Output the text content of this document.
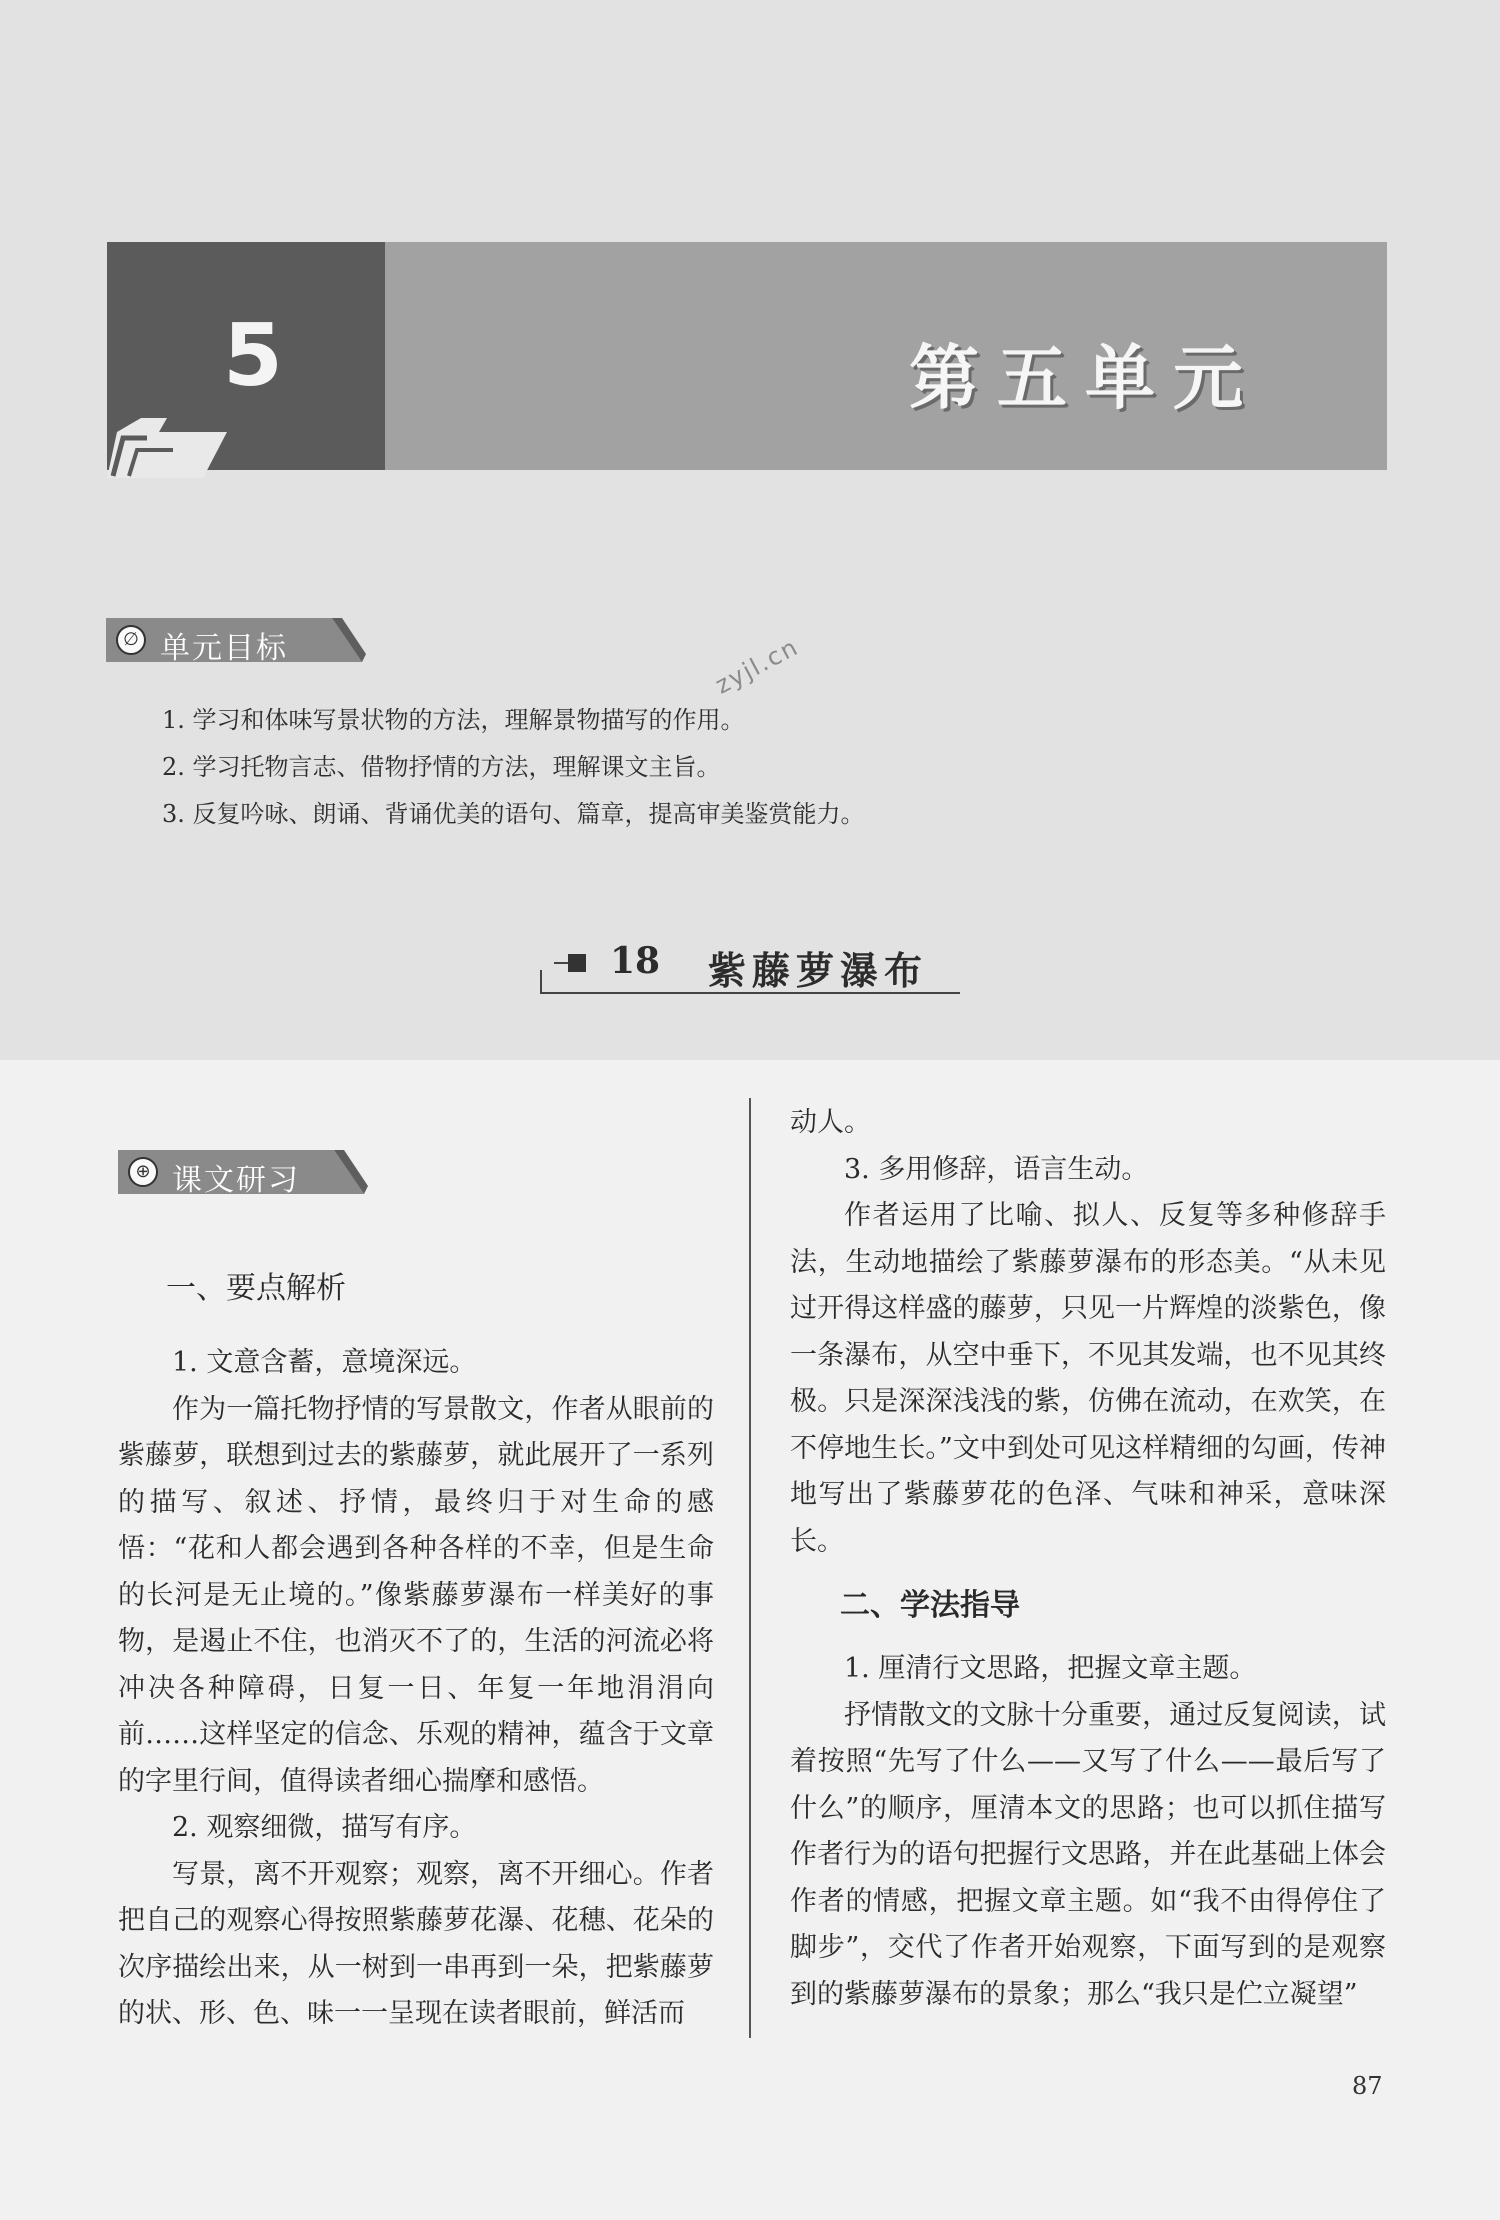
5	第五单元
∅ 单元目标	zyjl.cn

1. 学习和体味写景状物的方法，理解景物描写的作用。

2. 学习托物言志、借物抒情的方法，理解课文主旨。

3. 反复吟咏、朗诵、背诵优美的语句、篇章，提高审美鉴赏能力。

18 紫藤萝瀑布
⊕ 课文研习
一、要点解析

1. 文意含蓄，意境深远。

作为一篇托物抒情的写景散文，作者从眼前的紫藤萝，联想到过去的紫藤萝，就此展开了一系列的描写、叙述、抒情，最终归于对生命的感悟：“花和人都会遇到各种各样的不幸，但是生命的长河是无止境的。”像紫藤萝瀑布一样美好的事物，是遏止不住，也消灭不了的，生活的河流必将冲决各种障碍，日复一日、年复一年地涓涓向前……这样坚定的信念、乐观的精神，蕴含于文章的字里行间，值得读者细心揣摩和感悟。

2. 观察细微，描写有序。

写景，离不开观察；观察，离不开细心。作者把自己的观察心得按照紫藤萝花瀑、花穗、花朵的次序描绘出来，从一树到一串再到一朵，把紫藤萝的状、形、色、味一一呈现在读者眼前，鲜活而

动人。

3. 多用修辞，语言生动。

作者运用了比喻、拟人、反复等多种修辞手法，生动地描绘了紫藤萝瀑布的形态美。“从未见过开得这样盛的藤萝，只见一片辉煌的淡紫色，像一条瀑布，从空中垂下，不见其发端，也不见其终极。只是深深浅浅的紫，仿佛在流动，在欢笑，在不停地生长。”文中到处可见这样精细的勾画，传神地写出了紫藤萝花的色泽、气味和神采，意味深长。

二、学法指导

1. 厘清行文思路，把握文章主题。

抒情散文的文脉十分重要，通过反复阅读，试着按照“先写了什么——又写了什么——最后写了什么”的顺序，厘清本文的思路；也可以抓住描写作者行为的语句把握行文思路，并在此基础上体会作者的情感，把握文章主题。如“我不由得停住了脚步”，交代了作者开始观察，下面写到的是观察到的紫藤萝瀑布的景象；那么“我只是伫立凝望”

87
